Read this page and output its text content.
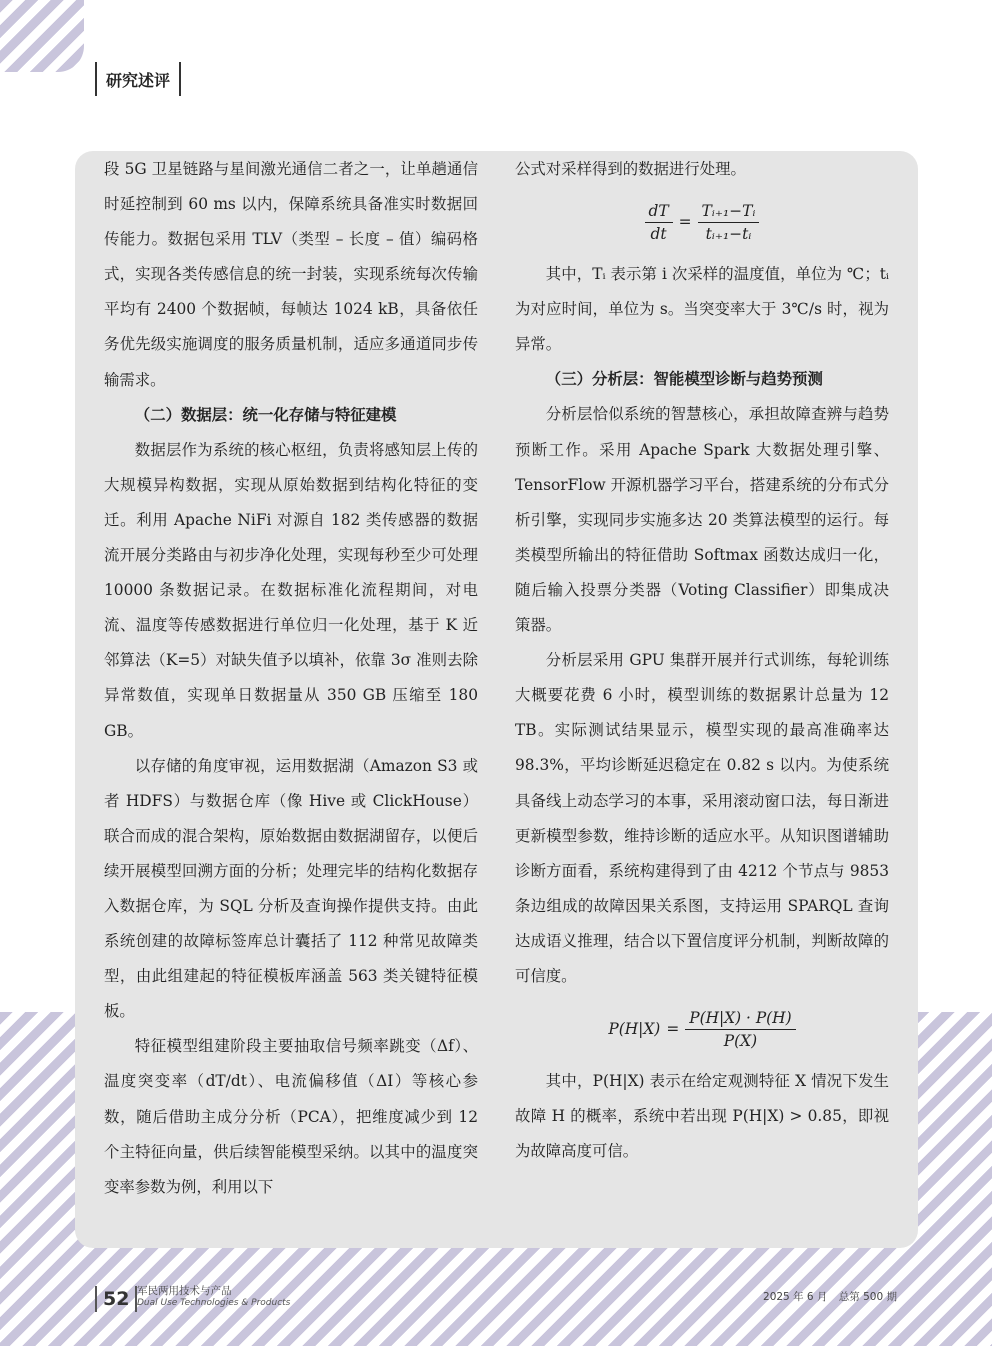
研究述评

段 5G 卫星链路与星间激光通信二者之一，让单趟通信时延控制到 60 ms 以内，保障系统具备准实时数据回传能力。数据包采用 TLV（类型 – 长度 – 值）编码格式，实现各类传感信息的统一封装，实现系统每次传输平均有 2400 个数据帧，每帧达 1024 kB，具备依任务优先级实施调度的服务质量机制，适应多通道同步传输需求。

（二）数据层：统一化存储与特征建模

数据层作为系统的核心枢纽，负责将感知层上传的大规模异构数据，实现从原始数据到结构化特征的变迁。利用 Apache NiFi 对源自 182 类传感器的数据流开展分类路由与初步净化处理，实现每秒至少可处理 10000 条数据记录。在数据标准化流程期间，对电流、温度等传感数据进行单位归一化处理，基于 K 近邻算法（K=5）对缺失值予以填补，依靠 3σ 准则去除异常数值，实现单日数据量从 350 GB 压缩至 180 GB。

以存储的角度审视，运用数据湖（Amazon S3 或者 HDFS）与数据仓库（像 Hive 或 ClickHouse）联合而成的混合架构，原始数据由数据湖留存，以便后续开展模型回溯方面的分析；处理完毕的结构化数据存入数据仓库，为 SQL 分析及查询操作提供支持。由此系统创建的故障标签库总计囊括了 112 种常见故障类型，由此组建起的特征模板库涵盖 563 类关键特征模板。

特征模型组建阶段主要抽取信号频率跳变（Δf）、温度突变率（dT/dt）、电流偏移值（ΔI）等核心参数，随后借助主成分分析（PCA），把维度减少到 12 个主特征向量，供后续智能模型采纳。以其中的温度突变率参数为例，利用以下

公式对采样得到的数据进行处理。

$\frac{dT}{dt} = \frac{\text{Tᵢ₊₁−Tᵢ}}{\text{tᵢ₊₁−tᵢ}}$

其中，Tᵢ 表示第 i 次采样的温度值，单位为 ℃；tᵢ 为对应时间，单位为 s。当突变率大于 3℃/s 时，视为异常。

（三）分析层：智能模型诊断与趋势预测

分析层恰似系统的智慧核心，承担故障查辨与趋势预断工作。采用 Apache Spark 大数据处理引擎、TensorFlow 开源机器学习平台，搭建系统的分布式分析引擎，实现同步实施多达 20 类算法模型的运行。每类模型所输出的特征借助 Softmax 函数达成归一化，随后输入投票分类器（Voting Classifier）即集成决策器。

分析层采用 GPU 集群开展并行式训练，每轮训练大概要花费 6 小时，模型训练的数据累计总量为 12 TB。实际测试结果显示，模型实现的最高准确率达 98.3%，平均诊断延迟稳定在 0.82 s 以内。为使系统具备线上动态学习的本事，采用滚动窗口法，每日渐进更新模型参数，维持诊断的适应水平。从知识图谱辅助诊断方面看，系统构建得到了由 4212 个节点与 9853 条边组成的故障因果关系图，支持运用 SPARQL 查询达成语义推理，结合以下置信度评分机制，判断故障的可信度。

$P(H|X) = \frac{P(H|X) \cdot P(H)}{P(X)}$

其中，P(H|X) 表示在给定观测特征 X 情况下发生故障 H 的概率，系统中若出现 P(H|X) > 0.85，即视为故障高度可信。

52 军民两用技术与产品
Dual Use Technologies & Products	2025 年 6 月 总第 500 期
